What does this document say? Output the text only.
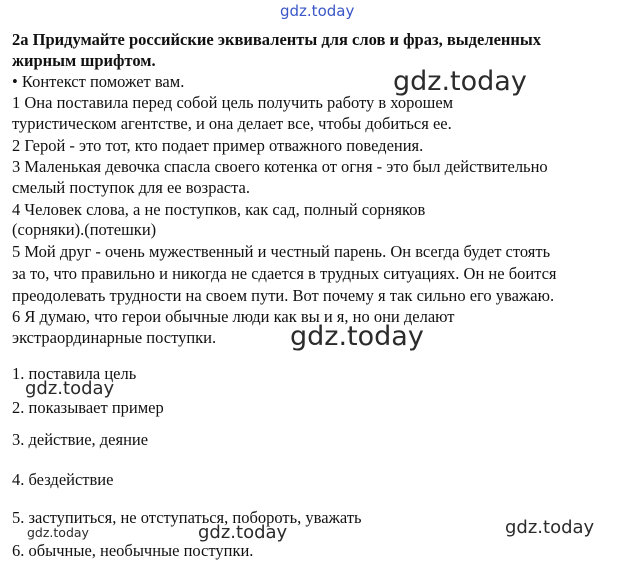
gdz.today
2a Придумайте российские эквиваленты для слов и фраз, выделенных
жирным шрифтом.
• Контекст поможет вам.
1 Она поставила перед собой цель получить работу в хорошем
туристическом агентстве, и она делает все, чтобы добиться ее.
2 Герой - это тот, кто подает пример отважного поведения.
3 Маленькая девочка спасла своего котенка от огня - это был действительно
смелый поступок для ее возраста.
4 Человек слова, а не поступков, как сад, полный сорняков
(сорняки).(потешки)
5 Мой друг - очень мужественный и честный парень. Он всегда будет стоять
за то, что правильно и никогда не сдается в трудных ситуациях. Он не боится
преодолевать трудности на своем пути. Вот почему я так сильно его уважаю.
6 Я думаю, что герои обычные люди как вы и я, но они делают
экстраординарные поступки.
1. поставила цель
2. показывает пример
3. действие, деяние
4. бездействие
5. заступиться, не отступаться, побороть, уважать
6. обычные, необычные поступки.
gdz.today
gdz.today
gdz.today
gdz.today	gdz.today
gdz.today
